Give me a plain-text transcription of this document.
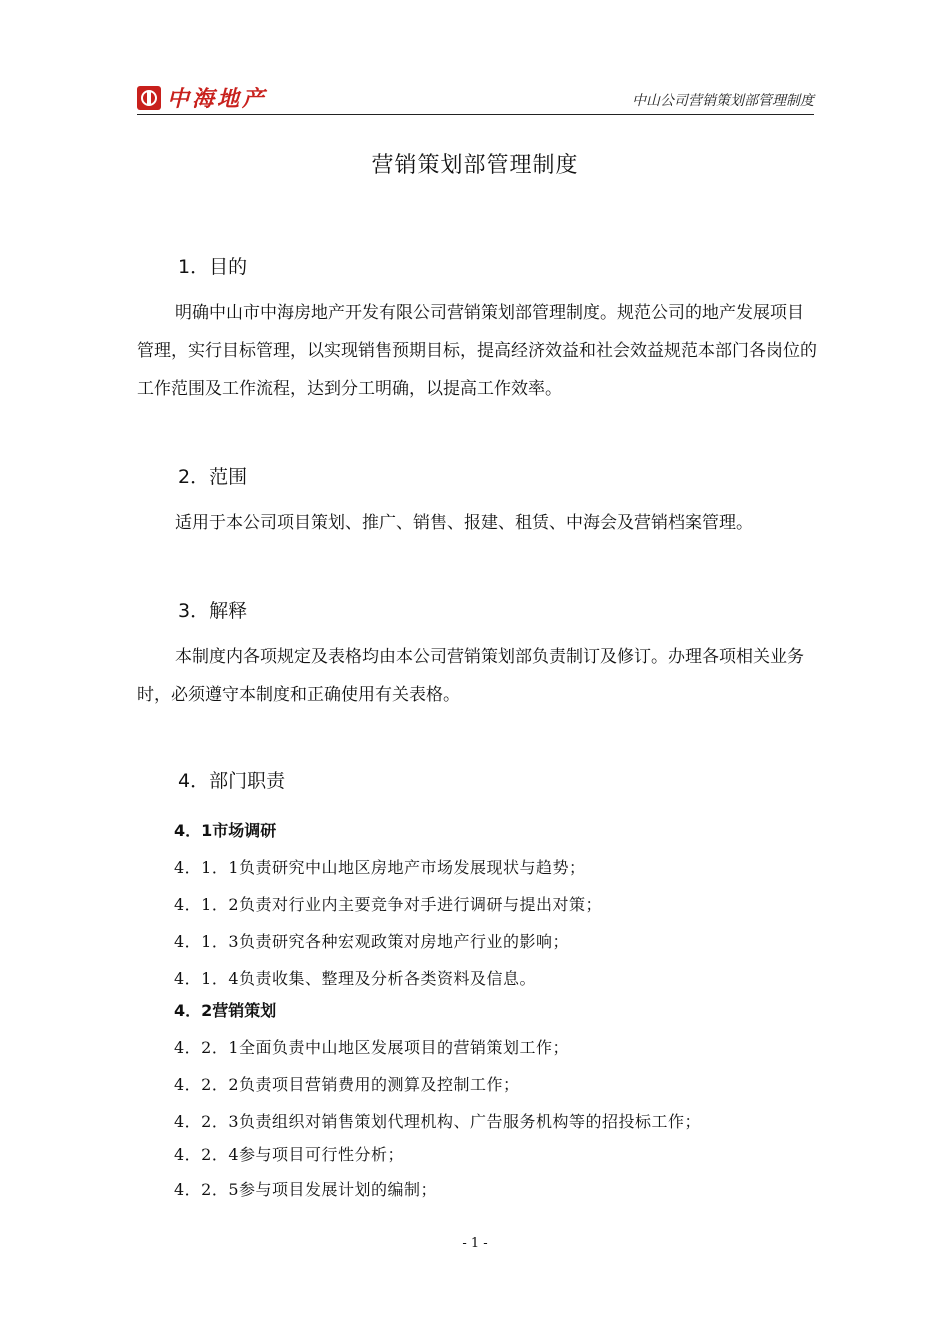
中海地产	中山公司营销策划部管理制度
营销策划部管理制度
1．目的
明确中山市中海房地产开发有限公司营销策划部管理制度。规范公司的地产发展项目管理，实行目标管理，以实现销售预期目标，提高经济效益和社会效益规范本部门各岗位的工作范围及工作流程，达到分工明确，以提高工作效率。
2．范围
适用于本公司项目策划、推广、销售、报建、租赁、中海会及营销档案管理。
3．解释
本制度内各项规定及表格均由本公司营销策划部负责制订及修订。办理各项相关业务时，必须遵守本制度和正确使用有关表格。
4．部门职责
4．1市场调研
4．1．1负责研究中山地区房地产市场发展现状与趋势；
4．1．2负责对行业内主要竞争对手进行调研与提出对策；
4．1．3负责研究各种宏观政策对房地产行业的影响；
4．1．4负责收集、整理及分析各类资料及信息。
4．2营销策划
4．2．1全面负责中山地区发展项目的营销策划工作；
4．2．2负责项目营销费用的测算及控制工作；
4．2．3负责组织对销售策划代理机构、广告服务机构等的招投标工作；
4．2．4参与项目可行性分析；
4．2．5参与项目发展计划的编制；
- 1 -
